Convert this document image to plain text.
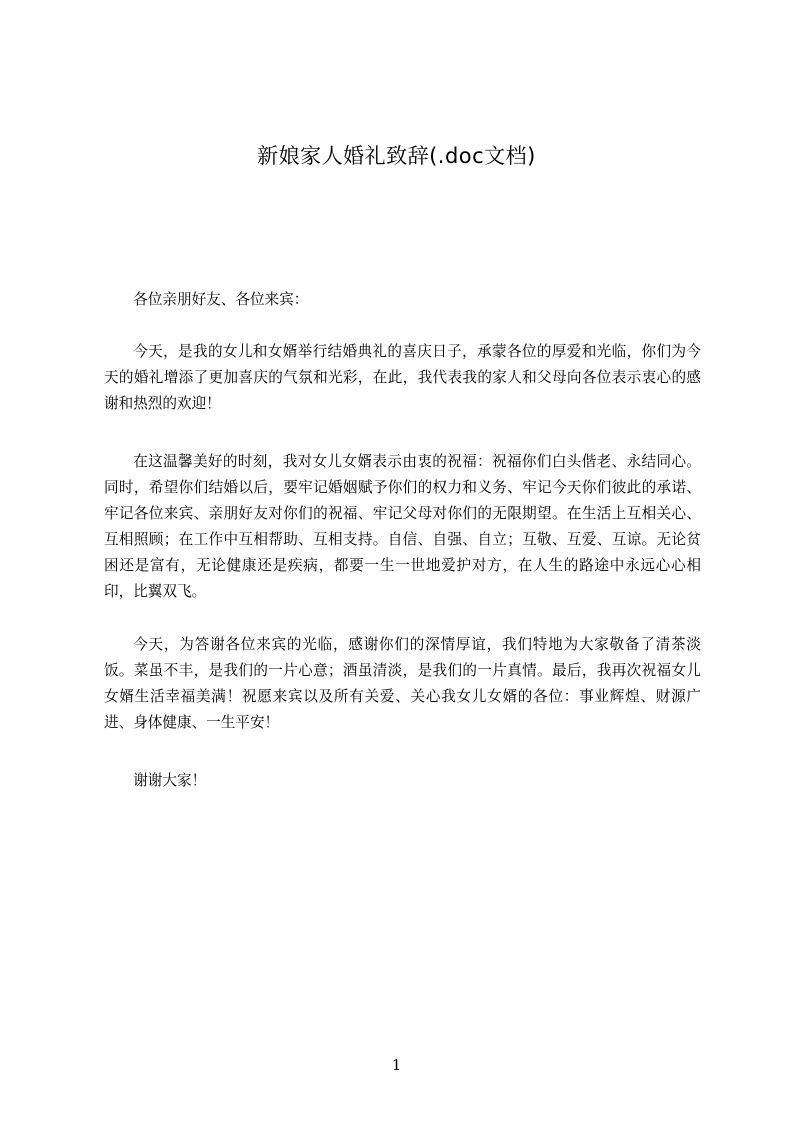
新娘家人婚礼致辞(.doc文档)

各位亲朋好友、各位来宾：

今天，是我的女儿和女婿举行结婚典礼的喜庆日子，承蒙各位的厚爱和光临，你们为今天的婚礼增添了更加喜庆的气氛和光彩，在此，我代表我的家人和父母向各位表示衷心的感谢和热烈的欢迎！

在这温馨美好的时刻，我对女儿女婿表示由衷的祝福：祝福你们白头偕老、永结同心。同时，希望你们结婚以后，要牢记婚姻赋予你们的权力和义务、牢记今天你们彼此的承诺、牢记各位来宾、亲朋好友对你们的祝福、牢记父母对你们的无限期望。在生活上互相关心、互相照顾；在工作中互相帮助、互相支持。自信、自强、自立；互敬、互爱、互谅。无论贫困还是富有，无论健康还是疾病，都要一生一世地爱护对方，在人生的路途中永远心心相印，比翼双飞。

今天，为答谢各位来宾的光临，感谢你们的深情厚谊，我们特地为大家敬备了清茶淡饭。菜虽不丰，是我们的一片心意；酒虽清淡，是我们的一片真情。最后，我再次祝福女儿女婿生活幸福美满！祝愿来宾以及所有关爱、关心我女儿女婿的各位：事业辉煌、财源广进、身体健康、一生平安！

谢谢大家！

1
